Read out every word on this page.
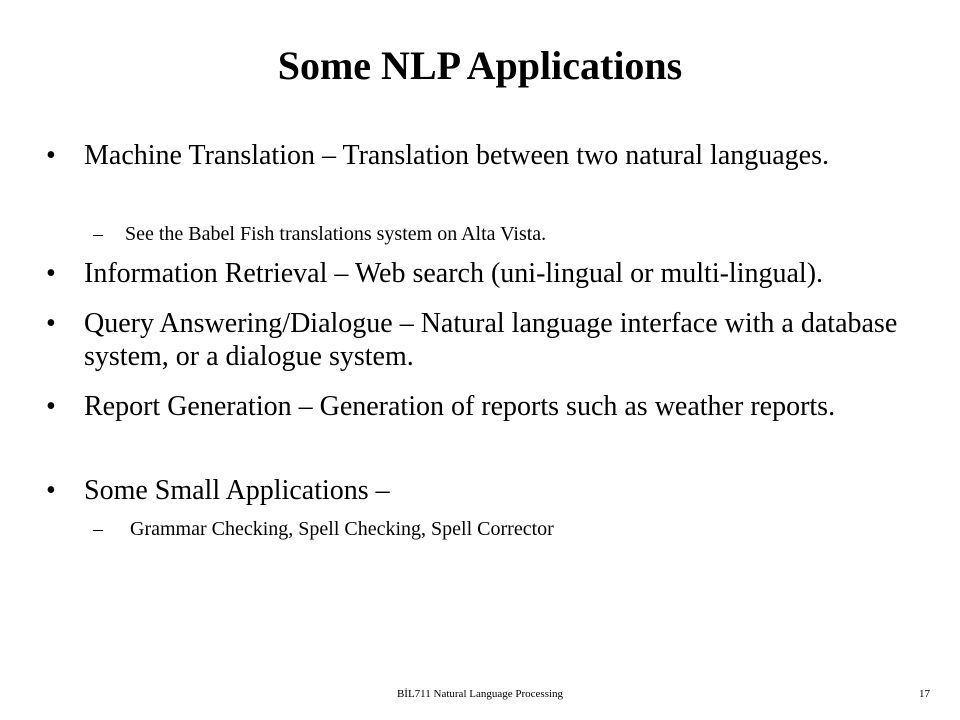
Some NLP Applications
•	Machine Translation – Translation between two natural languages.
– See the Babel Fish translations system on Alta Vista.
•	Information Retrieval – Web search (uni-lingual or multi-lingual).
•	Query Answering/Dialogue – Natural language interface with a database system, or a dialogue system.
•	Report Generation – Generation of reports such as weather reports.
•	Some Small Applications –
– Grammar Checking, Spell Checking, Spell Corrector
BİL711 Natural Language Processing	17
